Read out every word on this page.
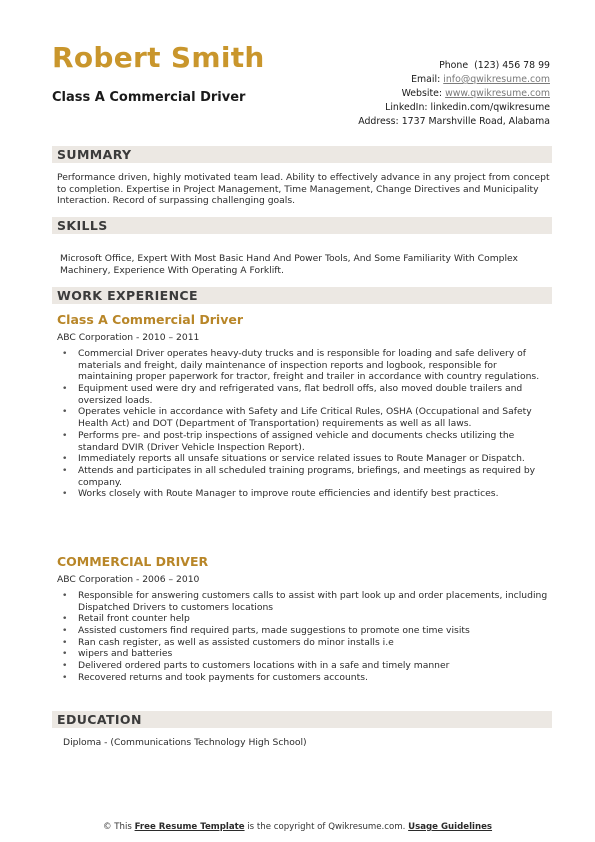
Robert Smith
Class A Commercial Driver
Phone (123) 456 78 99
Email: info@qwikresume.com
Website: www.qwikresume.com
LinkedIn: linkedin.com/qwikresume
Address: 1737 Marshville Road, Alabama
SUMMARY

Performance driven, highly motivated team lead. Ability to effectively advance in any project from concept to completion. Expertise in Project Management, Time Management, Change Directives and Municipality Interaction. Record of surpassing challenging goals.

SKILLS

Microsoft Office, Expert With Most Basic Hand And Power Tools, And Some Familiarity With Complex Machinery, Experience With Operating A Forklift.

WORK EXPERIENCE
Class A Commercial Driver

ABC Corporation - 2010 – 2011

• Commercial Driver operates heavy-duty trucks and is responsible for loading and safe delivery of materials and freight, daily maintenance of inspection reports and logbook, responsible for maintaining proper paperwork for tractor, freight and trailer in accordance with country regulations.
• Equipment used were dry and refrigerated vans, flat bedroll offs, also moved double trailers and oversized loads.
• Operates vehicle in accordance with Safety and Life Critical Rules, OSHA (Occupational and Safety Health Act) and DOT (Department of Transportation) requirements as well as all laws.
• Performs pre- and post-trip inspections of assigned vehicle and documents checks utilizing the standard DVIR (Driver Vehicle Inspection Report).
• Immediately reports all unsafe situations or service related issues to Route Manager or Dispatch.
• Attends and participates in all scheduled training programs, briefings, and meetings as required by company.
• Works closely with Route Manager to improve route efficiencies and identify best practices.
COMMERCIAL DRIVER

ABC Corporation - 2006 – 2010

• Responsible for answering customers calls to assist with part look up and order placements, including Dispatched Drivers to customers locations
• Retail front counter help
• Assisted customers find required parts, made suggestions to promote one time visits
• Ran cash register, as well as assisted customers do minor installs i.e
• wipers and batteries
• Delivered ordered parts to customers locations with in a safe and timely manner
• Recovered returns and took payments for customers accounts.
EDUCATION

Diploma - (Communications Technology High School)

© This Free Resume Template is the copyright of Qwikresume.com. Usage Guidelines
